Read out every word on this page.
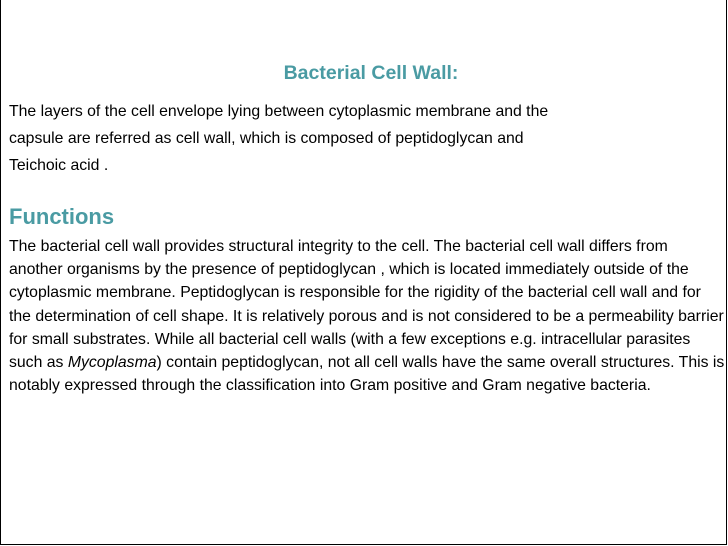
Bacterial Cell Wall:

The layers of the cell envelope lying between cytoplasmic membrane and the
capsule are referred as cell wall, which is composed of peptidoglycan and
Teichoic acid .

Functions

The bacterial cell wall provides structural integrity to the cell. The bacterial cell wall differs from another organisms by the presence of peptidoglycan , which is located immediately outside of the cytoplasmic membrane. Peptidoglycan is responsible for the rigidity of the bacterial cell wall and for the determination of cell shape. It is relatively porous and is not considered to be a permeability barrier for small substrates. While all bacterial cell walls (with a few exceptions e.g. intracellular parasites such as Mycoplasma) contain peptidoglycan, not all cell walls have the same overall structures. This is notably expressed through the classification into Gram positive and Gram negative bacteria.
